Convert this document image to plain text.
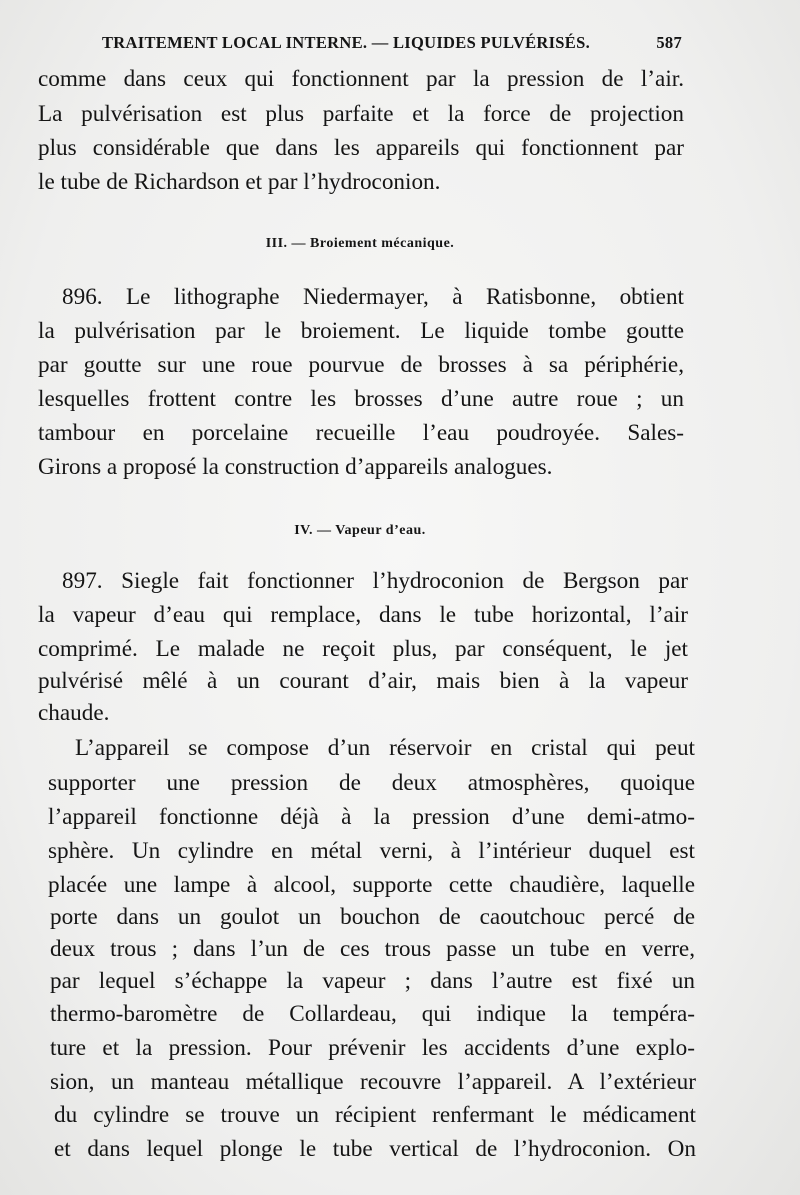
TRAITEMENT LOCAL INTERNE. — LIQUIDES PULVÉRISÉS.	587
comme dans ceux qui fonctionnent par la pression de l’air.
La pulvérisation est plus parfaite et la force de projection
plus considérable que dans les appareils qui fonctionnent par
le tube de Richardson et par l’hydroconion.
III. — Broiement mécanique.
896. Le lithographe Niedermayer, à Ratisbonne, obtient
la pulvérisation par le broiement. Le liquide tombe goutte
par goutte sur une roue pourvue de brosses à sa périphérie,
lesquelles frottent contre les brosses d’une autre roue ; un
tambour en porcelaine recueille l’eau poudroyée. Sales-
Girons a proposé la construction d’appareils analogues.
IV. — Vapeur d’eau.
897. Siegle fait fonctionner l’hydroconion de Bergson par
la vapeur d’eau qui remplace, dans le tube horizontal, l’air
comprimé. Le malade ne reçoit plus, par conséquent, le jet
pulvérisé mêlé à un courant d’air, mais bien à la vapeur
chaude.
L’appareil se compose d’un réservoir en cristal qui peut
supporter une pression de deux atmosphères, quoique
l’appareil fonctionne déjà à la pression d’une demi-atmo-
sphère. Un cylindre en métal verni, à l’intérieur duquel est
placée une lampe à alcool, supporte cette chaudière, laquelle
porte dans un goulot un bouchon de caoutchouc percé de
deux trous ; dans l’un de ces trous passe un tube en verre,
par lequel s’échappe la vapeur ; dans l’autre est fixé un
thermo-baromètre de Collardeau, qui indique la tempéra-
ture et la pression. Pour prévenir les accidents d’une explo-
sion, un manteau métallique recouvre l’appareil. A l’extérieur
du cylindre se trouve un récipient renfermant le médicament
et dans lequel plonge le tube vertical de l’hydroconion. On
